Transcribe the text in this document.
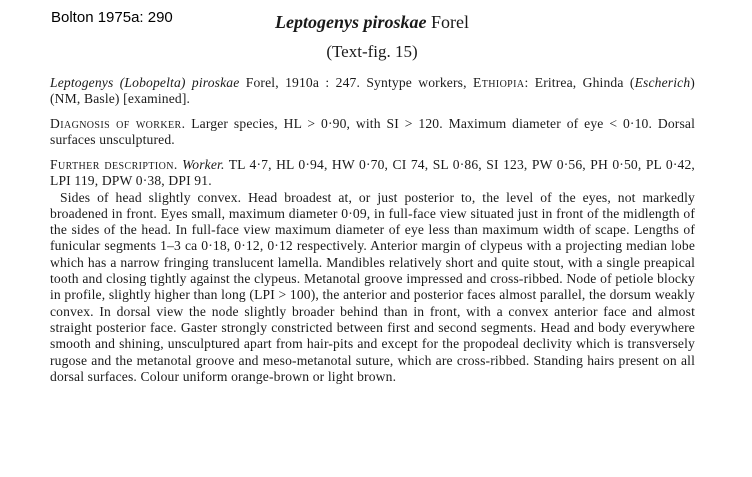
Bolton 1975a: 290	Leptogenys piroskae Forel
(Text-fig. 15)
Leptogenys (Lobopelta) piroskae Forel, 1910a : 247. Syntype workers, Ethiopia: Eritrea, Ghinda (Escherich) (NM, Basle) [examined].
Diagnosis of worker. Larger species, HL > 0·90, with SI > 120. Maximum diameter of eye < 0·10. Dorsal surfaces unsculptured.
Further description. Worker. TL 4·7, HL 0·94, HW 0·70, CI 74, SL 0·86, SI 123, PW 0·56, PH 0·50, PL 0·42, LPI 119, DPW 0·38, DPI 91.
Sides of head slightly convex. Head broadest at, or just posterior to, the level of the eyes, not markedly broadened in front. Eyes small, maximum diameter 0·09, in full-face view situated just in front of the midlength of the sides of the head. In full-face view maximum diameter of eye less than maximum width of scape. Lengths of funicular segments 1–3 ca 0·18, 0·12, 0·12 respectively. Anterior margin of clypeus with a projecting median lobe which has a narrow fringing translucent lamella. Mandibles relatively short and quite stout, with a single preapical tooth and closing tightly against the clypeus. Metanotal groove impressed and cross-ribbed. Node of petiole blocky in profile, slightly higher than long (LPI > 100), the anterior and posterior faces almost parallel, the dorsum weakly convex. In dorsal view the node slightly broader behind than in front, with a convex anterior face and almost straight posterior face. Gaster strongly constricted between first and second segments. Head and body everywhere smooth and shining, unsculptured apart from hair-pits and except for the propodeal declivity which is transversely rugose and the metanotal groove and meso-metanotal suture, which are cross-ribbed. Standing hairs present on all dorsal surfaces. Colour uniform orange-brown or light brown.
